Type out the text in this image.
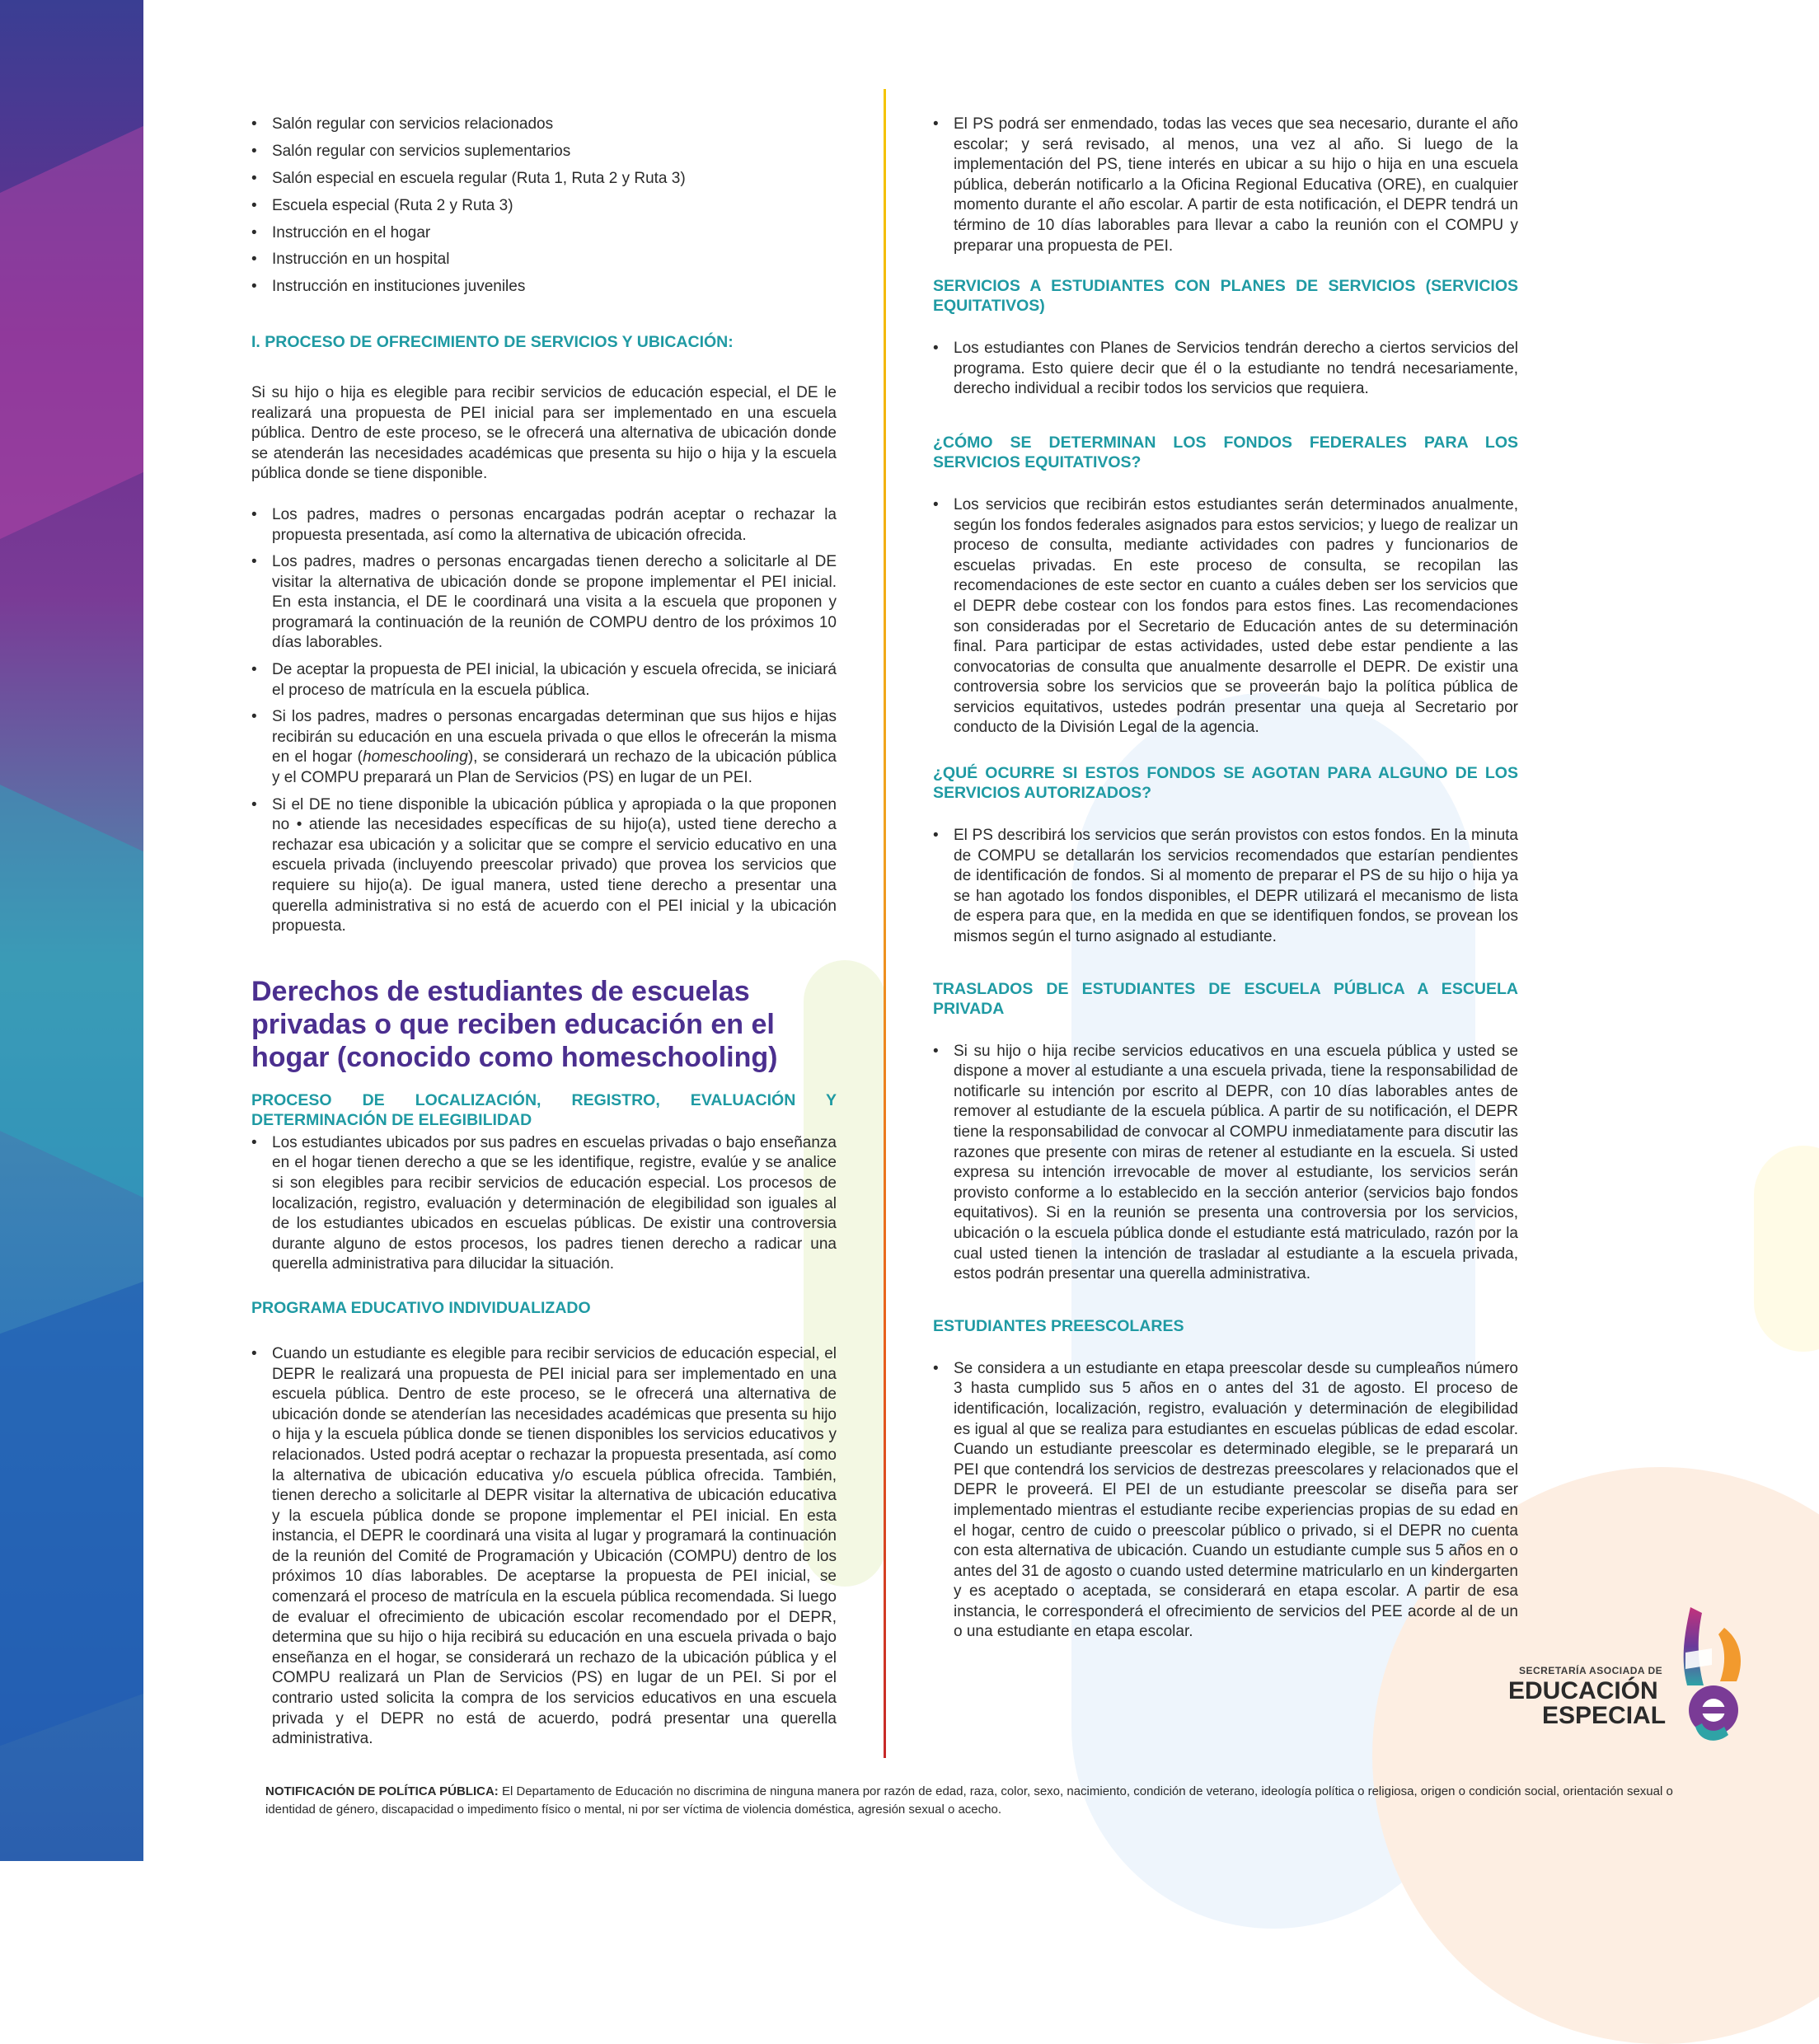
• Salón regular con servicios relacionados
• Salón regular con servicios suplementarios
• Salón especial en escuela regular (Ruta 1, Ruta 2 y Ruta 3)
• Escuela especial (Ruta 2 y Ruta 3)
• Instrucción en el hogar
• Instrucción en un hospital
• Instrucción en instituciones juveniles
I. PROCESO DE OFRECIMIENTO DE SERVICIOS Y UBICACIÓN:

Si su hijo o hija es elegible para recibir servicios de educación especial, el DE le realizará una propuesta de PEI inicial para ser implementado en una escuela pública. Dentro de este proceso, se le ofrecerá una alternativa de ubicación donde se atenderán las necesidades académicas que presenta su hijo o hija y la escuela pública donde se tiene disponible.

• Los padres, madres o personas encargadas podrán aceptar o rechazar la propuesta presentada, así como la alternativa de ubicación ofrecida.
• Los padres, madres o personas encargadas tienen derecho a solicitarle al DE visitar la alternativa de ubicación donde se propone implementar el PEI inicial. En esta instancia, el DE le coordinará una visita a la escuela que proponen y programará la continuación de la reunión de COMPU dentro de los próximos 10 días laborables.
• De aceptar la propuesta de PEI inicial, la ubicación y escuela ofrecida, se iniciará el proceso de matrícula en la escuela pública.
• Si los padres, madres o personas encargadas determinan que sus hijos e hijas recibirán su educación en una escuela privada o que ellos le ofrecerán la misma en el hogar (homeschooling), se considerará un rechazo de la ubicación pública y el COMPU preparará un Plan de Servicios (PS) en lugar de un PEI.
• Si el DE no tiene disponible la ubicación pública y apropiada o la que proponen no • atiende las necesidades específicas de su hijo(a), usted tiene derecho a rechazar esa ubicación y a solicitar que se compre el servicio educativo en una escuela privada (incluyendo preescolar privado) que provea los servicios que requiere su hijo(a). De igual manera, usted tiene derecho a presentar una querella administrativa si no está de acuerdo con el PEI inicial y la ubicación propuesta.
Derechos de estudiantes de escuelas
privadas o que reciben educación en el
hogar (conocido como homeschooling)
PROCESO DE LOCALIZACIÓN, REGISTRO, EVALUACIÓN Y DETERMINACIÓN DE ELEGIBILIDAD
• Los estudiantes ubicados por sus padres en escuelas privadas o bajo enseñanza en el hogar tienen derecho a que se les identifique, registre, evalúe y se analice si son elegibles para recibir servicios de educación especial. Los procesos de localización, registro, evaluación y determinación de elegibilidad son iguales al de los estudiantes ubicados en escuelas públicas. De existir una controversia durante alguno de estos procesos, los padres tienen derecho a radicar una querella administrativa para dilucidar la situación.
PROGRAMA EDUCATIVO INDIVIDUALIZADO
• Cuando un estudiante es elegible para recibir servicios de educación especial, el DEPR le realizará una propuesta de PEI inicial para ser implementado en una escuela pública. Dentro de este proceso, se le ofrecerá una alternativa de ubicación donde se atenderían las necesidades académicas que presenta su hijo o hija y la escuela pública donde se tienen disponibles los servicios educativos y relacionados. Usted podrá aceptar o rechazar la propuesta presentada, así como la alternativa de ubicación educativa y/o escuela pública ofrecida. También, tienen derecho a solicitarle al DEPR visitar la alternativa de ubicación educativa y la escuela pública donde se propone implementar el PEI inicial. En esta instancia, el DEPR le coordinará una visita al lugar y programará la continuación de la reunión del Comité de Programación y Ubicación (COMPU) dentro de los próximos 10 días laborables. De aceptarse la propuesta de PEI inicial, se comenzará el proceso de matrícula en la escuela pública recomendada. Si luego de evaluar el ofrecimiento de ubicación escolar recomendado por el DEPR, determina que su hijo o hija recibirá su educación en una escuela privada o bajo enseñanza en el hogar, se considerará un rechazo de la ubicación pública y el COMPU realizará un Plan de Servicios (PS) en lugar de un PEI. Si por el contrario usted solicita la compra de los servicios educativos en una escuela privada y el DEPR no está de acuerdo, podrá presentar una querella administrativa.
• El PS podrá ser enmendado, todas las veces que sea necesario, durante el año escolar; y será revisado, al menos, una vez al año. Si luego de la implementación del PS, tiene interés en ubicar a su hijo o hija en una escuela pública, deberán notificarlo a la Oficina Regional Educativa (ORE), en cualquier momento durante el año escolar. A partir de esta notificación, el DEPR tendrá un término de 10 días laborables para llevar a cabo la reunión con el COMPU y preparar una propuesta de PEI.
SERVICIOS A ESTUDIANTES CON PLANES DE SERVICIOS (SERVICIOS EQUITATIVOS)
• Los estudiantes con Planes de Servicios tendrán derecho a ciertos servicios del programa. Esto quiere decir que él o la estudiante no tendrá necesariamente, derecho individual a recibir todos los servicios que requiera.
¿CÓMO SE DETERMINAN LOS FONDOS FEDERALES PARA LOS SERVICIOS EQUITATIVOS?
• Los servicios que recibirán estos estudiantes serán determinados anualmente, según los fondos federales asignados para estos servicios; y luego de realizar un proceso de consulta, mediante actividades con padres y funcionarios de escuelas privadas. En este proceso de consulta, se recopilan las recomendaciones de este sector en cuanto a cuáles deben ser los servicios que el DEPR debe costear con los fondos para estos fines. Las recomendaciones son consideradas por el Secretario de Educación antes de su determinación final. Para participar de estas actividades, usted debe estar pendiente a las convocatorias de consulta que anualmente desarrolle el DEPR. De existir una controversia sobre los servicios que se proveerán bajo la política pública de servicios equitativos, ustedes podrán presentar una queja al Secretario por conducto de la División Legal de la agencia.
¿QUÉ OCURRE SI ESTOS FONDOS SE AGOTAN PARA ALGUNO DE LOS SERVICIOS AUTORIZADOS?
• El PS describirá los servicios que serán provistos con estos fondos. En la minuta de COMPU se detallarán los servicios recomendados que estarían pendientes de identificación de fondos. Si al momento de preparar el PS de su hijo o hija ya se han agotado los fondos disponibles, el DEPR utilizará el mecanismo de lista de espera para que, en la medida en que se identifiquen fondos, se provean los mismos según el turno asignado al estudiante.
TRASLADOS DE ESTUDIANTES DE ESCUELA PÚBLICA A ESCUELA PRIVADA
• Si su hijo o hija recibe servicios educativos en una escuela pública y usted se dispone a mover al estudiante a una escuela privada, tiene la responsabilidad de notificarle su intención por escrito al DEPR, con 10 días laborables antes de remover al estudiante de la escuela pública. A partir de su notificación, el DEPR tiene la responsabilidad de convocar al COMPU inmediatamente para discutir las razones que presente con miras de retener al estudiante en la escuela. Si usted expresa su intención irrevocable de mover al estudiante, los servicios serán provisto conforme a lo establecido en la sección anterior (servicios bajo fondos equitativos). Si en la reunión se presenta una controversia por los servicios, ubicación o la escuela pública donde el estudiante está matriculado, razón por la cual usted tienen la intención de trasladar al estudiante a la escuela privada, estos podrán presentar una querella administrativa.
ESTUDIANTES PREESCOLARES
• Se considera a un estudiante en etapa preescolar desde su cumpleaños número 3 hasta cumplido sus 5 años en o antes del 31 de agosto. El proceso de identificación, localización, registro, evaluación y determinación de elegibilidad es igual al que se realiza para estudiantes en escuelas públicas de edad escolar. Cuando un estudiante preescolar es determinado elegible, se le preparará un PEI que contendrá los servicios de destrezas preescolares y relacionados que el DEPR le proveerá. El PEI de un estudiante preescolar se diseña para ser implementado mientras el estudiante recibe experiencias propias de su edad en el hogar, centro de cuido o preescolar público o privado, si el DEPR no cuenta con esta alternativa de ubicación. Cuando un estudiante cumple sus 5 años en o antes del 31 de agosto o cuando usted determine matricularlo en un kindergarten y es aceptado o aceptada, se considerará en etapa escolar. A partir de esa instancia, le corresponderá el ofrecimiento de servicios del PEE acorde al de un o una estudiante en etapa escolar.
SECRETARÍA ASOCIADA DE
EDUCACIÓN
ESPECIAL
NOTIFICACIÓN DE POLÍTICA PÚBLICA: El Departamento de Educación no discrimina de ninguna manera por razón de edad, raza, color, sexo, nacimiento, condición de veterano, ideología política o religiosa, origen o condición social, orientación sexual o identidad de género, discapacidad o impedimento físico o mental, ni por ser víctima de violencia doméstica, agresión sexual o acecho.
